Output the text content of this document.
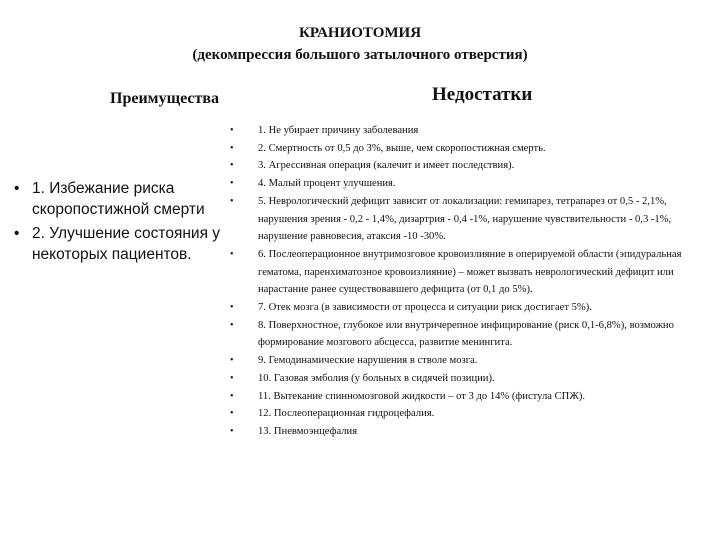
КРАНИОТОМИЯ
(декомпрессия большого затылочного отверстия)
Преимущества	Недостатки
• 1. Избежание риска скоропостижной смерти
• 2. Улучшение состояния у некоторых пациентов.
• 1. Не убирает причину заболевания
• 2. Смертность от 0,5 до 3%, выше, чем скоропостижная смерть.
• 3. Агрессивная операция (калечит и имеет последствия).
• 4. Малый процент улучшения.
• 5. Неврологический дефицит зависит от локализации: гемипарез, тетрапарез от 0,5 - 2,1%, нарушения зрения - 0,2 - 1,4%, дизартрия - 0,4 -1%, нарушение чувствительности - 0,3 -1%, нарушение равновесия, атаксия -10 -30%.
• 6. Послеоперационное внутримозговое кровоизлияние в оперируемой области (эпидуральная гематома, паренхиматозное кровоизлияние) – может вызвать неврологический дефицит или нарастание ранее существовавшего дефицита (от 0,1 до 5%).
• 7. Отек мозга (в зависимости от процесса и ситуации риск достигает 5%).
• 8. Поверхностное, глубокое или внутричерепное инфицирование (риск 0,1-6,8%), возможно формирование мозгового абсцесса, развитие менингита.
• 9. Гемодинамические нарушения в стволе мозга.
• 10. Газовая эмболия (у больных в сидячей позиции).
• 11. Вытекание спинномозговой жидкости – от 3 до 14% (фистула СПЖ).
• 12. Послеоперационная гидроцефалия.
• 13. Пневмоэнцефалия
